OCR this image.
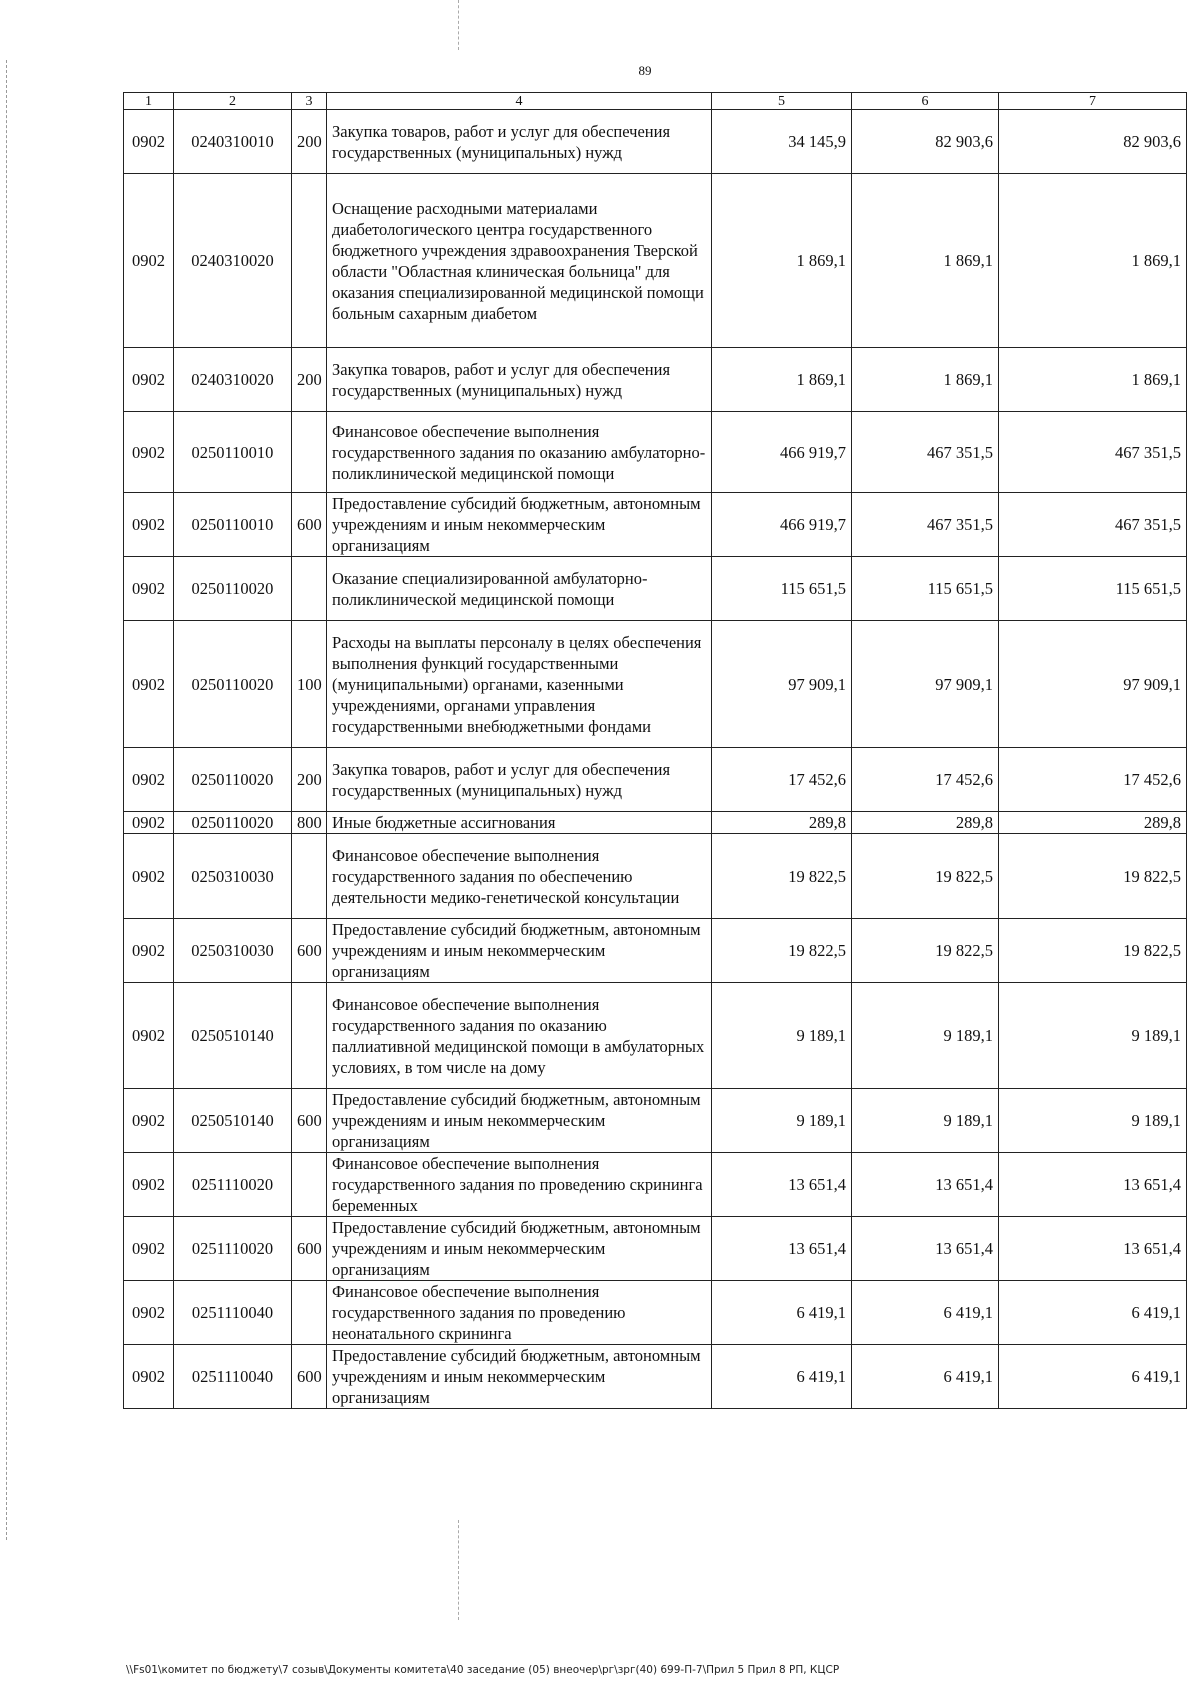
89
1	2	3	4	5	6	7
0902	0240310010	200	Закупка товаров, работ и услуг для обеспечения государственных (муниципальных) нужд	34 145,9	82 903,6	82 903,6
0902	0240310020		Оснащение расходными материалами диабетологического центра государственного бюджетного учреждения здравоохранения Тверской области "Областная клиническая больница" для оказания специализированной медицинской помощи больным сахарным диабетом	1 869,1	1 869,1	1 869,1
0902	0240310020	200	Закупка товаров, работ и услуг для обеспечения государственных (муниципальных) нужд	1 869,1	1 869,1	1 869,1
0902	0250110010		Финансовое обеспечение выполнения государственного задания по оказанию амбулаторно-поликлинической медицинской помощи	466 919,7	467 351,5	467 351,5
0902	0250110010	600	Предоставление субсидий бюджетным, автономным учреждениям и иным некоммерческим организациям	466 919,7	467 351,5	467 351,5
0902	0250110020		Оказание специализированной амбулаторно-поликлинической медицинской помощи	115 651,5	115 651,5	115 651,5
0902	0250110020	100	Расходы на выплаты персоналу в целях обеспечения выполнения функций государственными (муниципальными) органами, казенными учреждениями, органами управления государственными внебюджетными фондами	97 909,1	97 909,1	97 909,1
0902	0250110020	200	Закупка товаров, работ и услуг для обеспечения государственных (муниципальных) нужд	17 452,6	17 452,6	17 452,6
0902	0250110020	800	Иные бюджетные ассигнования	289,8	289,8	289,8
0902	0250310030		Финансовое обеспечение выполнения государственного задания по обеспечению деятельности медико-генетической консультации	19 822,5	19 822,5	19 822,5
0902	0250310030	600	Предоставление субсидий бюджетным, автономным учреждениям и иным некоммерческим организациям	19 822,5	19 822,5	19 822,5
0902	0250510140		Финансовое обеспечение выполнения государственного задания по оказанию паллиативной медицинской помощи в амбулаторных условиях, в том числе на дому	9 189,1	9 189,1	9 189,1
0902	0250510140	600	Предоставление субсидий бюджетным, автономным учреждениям и иным некоммерческим организациям	9 189,1	9 189,1	9 189,1
0902	0251110020		Финансовое обеспечение выполнения государственного задания по проведению скрининга беременных	13 651,4	13 651,4	13 651,4
0902	0251110020	600	Предоставление субсидий бюджетным, автономным учреждениям и иным некоммерческим организациям	13 651,4	13 651,4	13 651,4
0902	0251110040		Финансовое обеспечение выполнения государственного задания по проведению неонатального скрининга	6 419,1	6 419,1	6 419,1
0902	0251110040	600	Предоставление субсидий бюджетным, автономным учреждениям и иным некоммерческим организациям	6 419,1	6 419,1	6 419,1
\\Fs01\комитет по бюджету\7 созыв\Документы комитета\40 заседание (05) внеочер\рг\зрг(40) 699-П-7\Прил 5 Прил 8 РП, КЦСР
